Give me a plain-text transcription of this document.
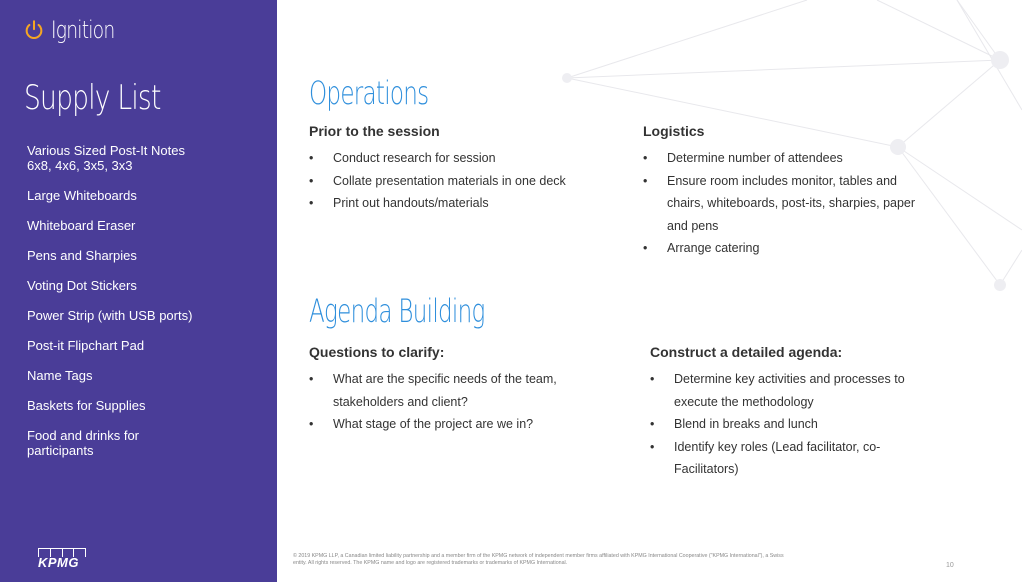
Ignition
Supply List
Various Sized Post-It Notes 6x8, 4x6, 3x5, 3x3
Large Whiteboards
Whiteboard Eraser
Pens and Sharpies
Voting Dot Stickers
Power Strip (with USB ports)
Post-it Flipchart Pad
Name Tags
Baskets for Supplies
Food and drinks for participants
KPMG
Operations
Prior to the session
• Conduct research for session
• Collate presentation materials in one deck
• Print out handouts/materials
Logistics
• Determine number of attendees
• Ensure room includes monitor, tables and chairs, whiteboards, post-its, sharpies, paper and pens
• Arrange catering
Agenda Building
Questions to clarify:
• What are the specific needs of the team, stakeholders and client?
• What stage of the project are we in?
Construct a detailed agenda:
• Determine key activities and processes to execute the methodology
• Blend in breaks and lunch
• Identify key roles (Lead facilitator, co-Facilitators)
© 2019 KPMG LLP, a Canadian limited liability partnership and a member firm of the KPMG network of independent member firms affiliated with KPMG International Cooperative ("KPMG International"), a Swiss entity. All rights reserved. The KPMG name and logo are registered trademarks or trademarks of KPMG International.	10
